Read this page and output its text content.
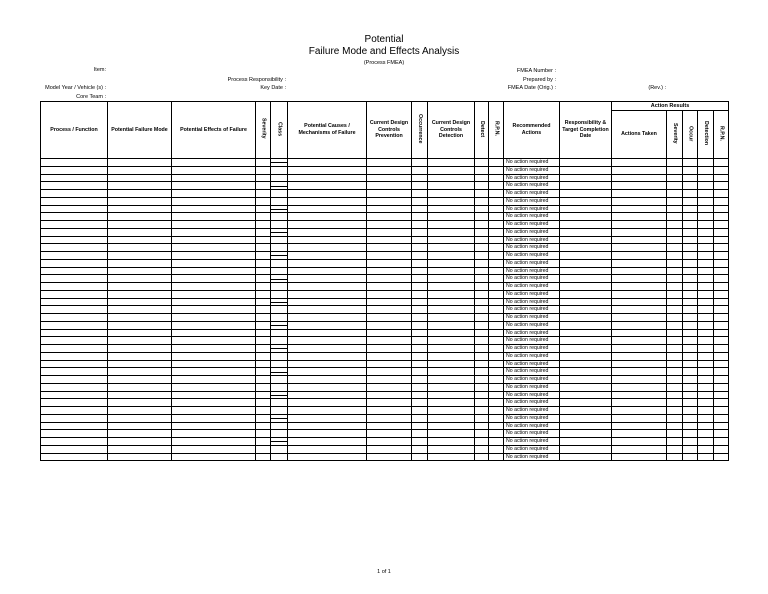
Potential
Failure Mode and Effects Analysis
(Process FMEA)
Item:
Process Responsibility :
Model Year / Vehicle (s) :	Key Date :
Core Team :
FMEA Number :
Prepared by :
FMEA Date (Orig.) :	(Rev.) :
Process / Function	Potential Failure Mode	Potential Effects of Failure	Severity	Class	Potential Causes / Mechanisms of Failure	Current Design Controls Prevention	Occurrence	Current Design Controls Detection	Detect	R.P.N.	Recommended Actions	Responsibility & Target Completion Date	Action Results				
													Actions Taken	Severity	Occur	Detection	R.P.N.
											No action required						
											No action required						
											No action required						
											No action required						
											No action required						
											No action required						
											No action required						
											No action required						
											No action required						
											No action required						
											No action required						
											No action required						
											No action required						
											No action required						
											No action required						
											No action required						
											No action required						
											No action required						
											No action required						
											No action required						
											No action required						
											No action required						
											No action required						
											No action required						
											No action required						
											No action required						
											No action required						
											No action required						
											No action required						
											No action required						
											No action required						
											No action required						
											No action required						
											No action required						
											No action required						
											No action required						
											No action required						
											No action required						
											No action required						
1 of 1
